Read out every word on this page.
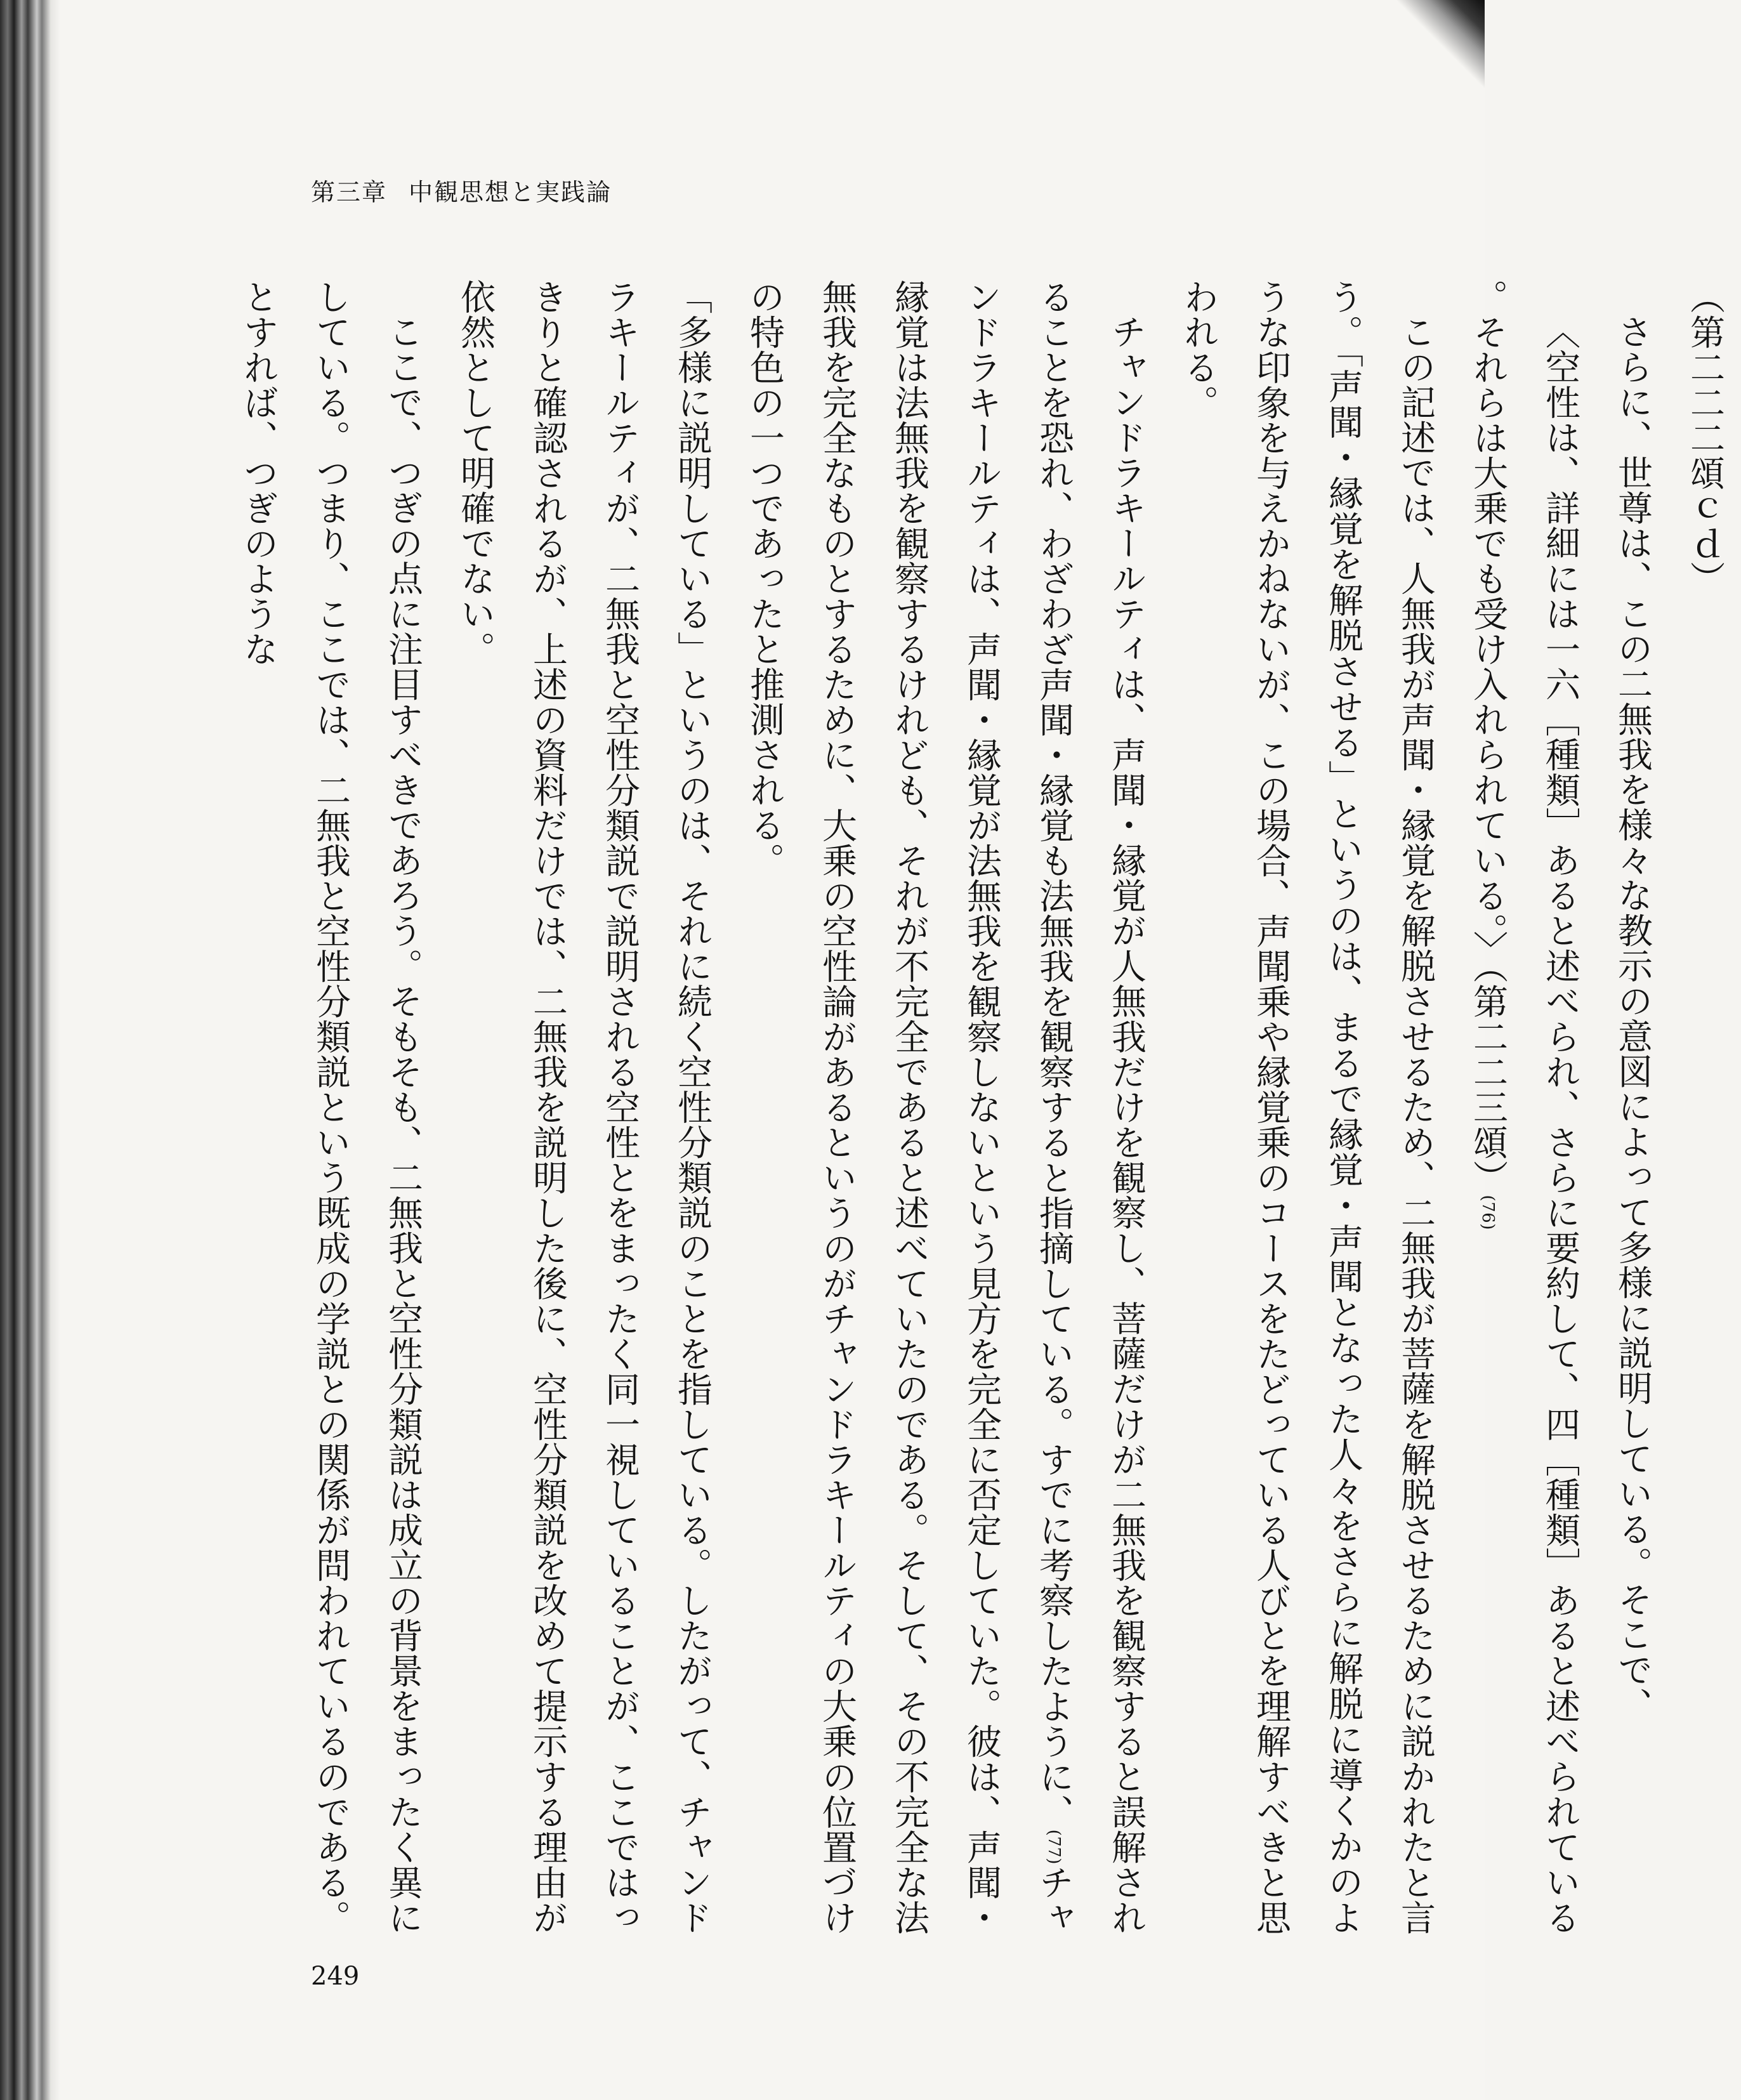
第三章 中観思想と実践論

（第二二二頌ｃｄ）

さらに、世尊は、この二無我を様々な教示の意図によって多様に説明している。そこで、

〈空性は、詳細には一六［種類］あると述べられ、さらに要約して、四［種類］あると述べられている。それらは大乗でも受け入れられている。〉（第二二三頌）(76)

この記述では、人無我が声聞・縁覚を解脱させるため、二無我が菩薩を解脱させるために説かれたと言う。「声聞・縁覚を解脱させる」というのは、まるで縁覚・声聞となった人々をさらに解脱に導くかのような印象を与えかねないが、この場合、声聞乗や縁覚乗のコースをたどっている人びとを理解すべきと思われる。

チャンドラキールティは、声聞・縁覚が人無我だけを観察し、菩薩だけが二無我を観察すると誤解されることを恐れ、わざわざ声聞・縁覚も法無我を観察すると指摘している。すでに考察したように、(77)チャンドラキールティは、声聞・縁覚が法無我を観察しないという見方を完全に否定していた。彼は、声聞・縁覚は法無我を観察するけれども、それが不完全であると述べていたのである。そして、その不完全な法無我を完全なものとするために、大乗の空性論があるというのがチャンドラキールティの大乗の位置づけの特色の一つであったと推測される。

「多様に説明している」というのは、それに続く空性分類説のことを指している。したがって、チャンドラキールティが、二無我と空性分類説で説明される空性とをまったく同一視していることが、ここではっきりと確認されるが、上述の資料だけでは、二無我を説明した後に、空性分類説を改めて提示する理由が依然として明確でない。

ここで、つぎの点に注目すべきであろう。そもそも、二無我と空性分類説は成立の背景をまったく異にしている。つまり、ここでは、二無我と空性分類説という既成の学説との関係が問われているのである。とすれば、つぎのような

249
